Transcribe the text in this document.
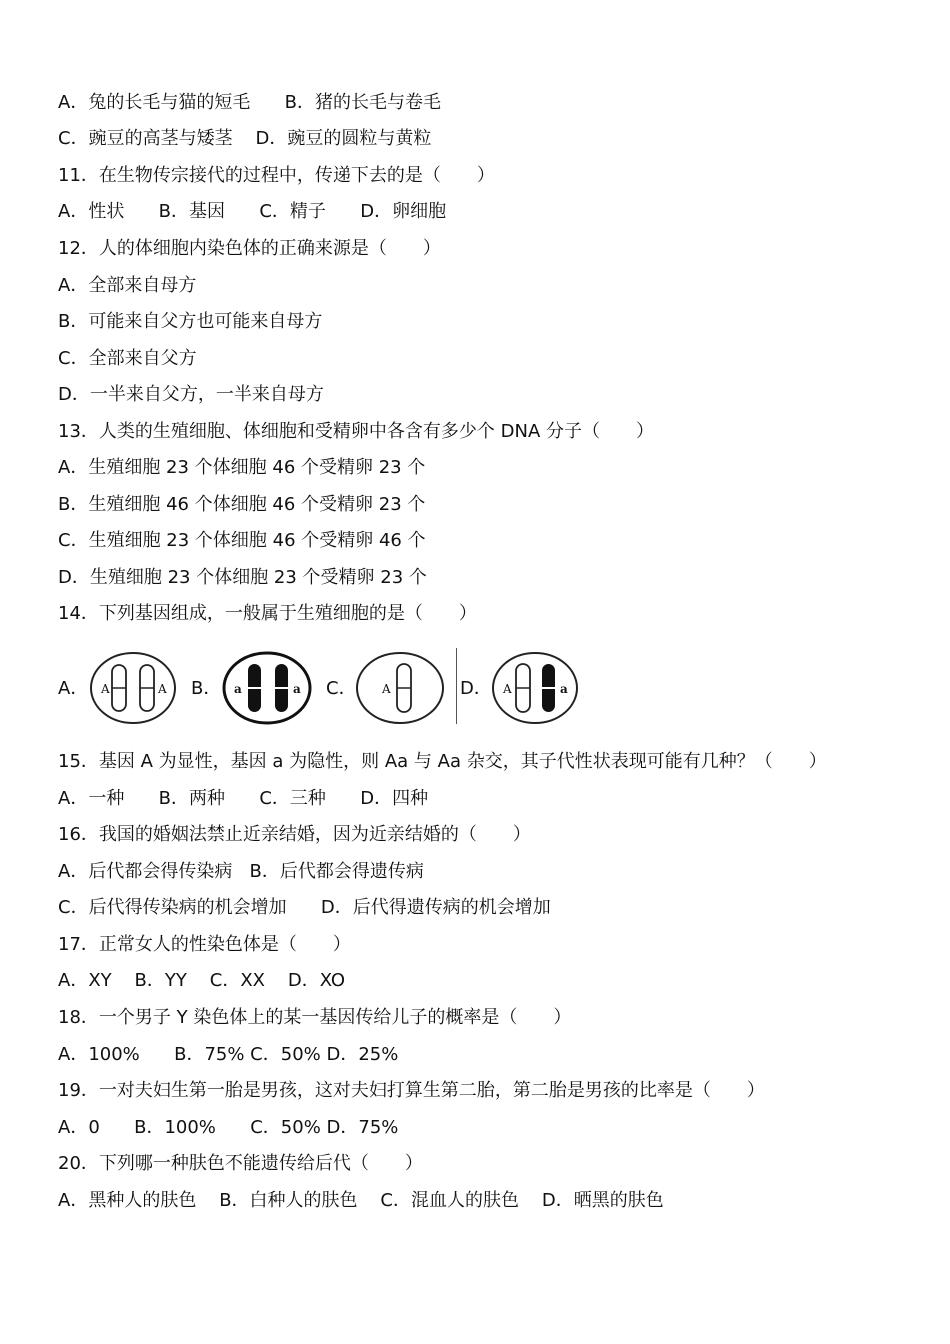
A．兔的长毛与猫的短毛      B．猪的长毛与卷毛
C．豌豆的高茎与矮茎    D．豌豆的圆粒与黄粒
11．在生物传宗接代的过程中，传递下去的是（　　）
A．性状      B．基因      C．精子      D．卵细胞
12．人的体细胞内染色体的正确来源是（　　）
A．全部来自母方
B．可能来自父方也可能来自母方
C．全部来自父方
D．一半来自父方，一半来自母方
13．人类的生殖细胞、体细胞和受精卵中各含有多少个 DNA 分子（　　）
A．生殖细胞 23 个体细胞 46 个受精卵 23 个
B．生殖细胞 46 个体细胞 46 个受精卵 23 个
C．生殖细胞 23 个体细胞 46 个受精卵 46 个
D．生殖细胞 23 个体细胞 23 个受精卵 23 个
14．下列基因组成，一般属于生殖细胞的是（　　）
A． A	A B． a	a C． A	D． A	a
15．基因 A 为显性，基因 a 为隐性，则 Aa 与 Aa 杂交，其子代性状表现可能有几种？（　　）
A．一种      B．两种      C．三种      D．四种
16．我国的婚姻法禁止近亲结婚，因为近亲结婚的（　　）
A．后代都会得传染病   B．后代都会得遗传病
C．后代得传染病的机会增加      D．后代得遗传病的机会增加
17．正常女人的性染色体是（　　）
A．XY    B．YY    C．XX    D．XO
18．一个男子 Y 染色体上的某一基因传给儿子的概率是（　　）
A．100%      B．75% C．50% D．25%
19．一对夫妇生第一胎是男孩，这对夫妇打算生第二胎，第二胎是男孩的比率是（　　）
A．0      B．100%      C．50% D．75%
20．下列哪一种肤色不能遗传给后代（　　）
A．黑种人的肤色    B．白种人的肤色    C．混血人的肤色    D．晒黑的肤色
